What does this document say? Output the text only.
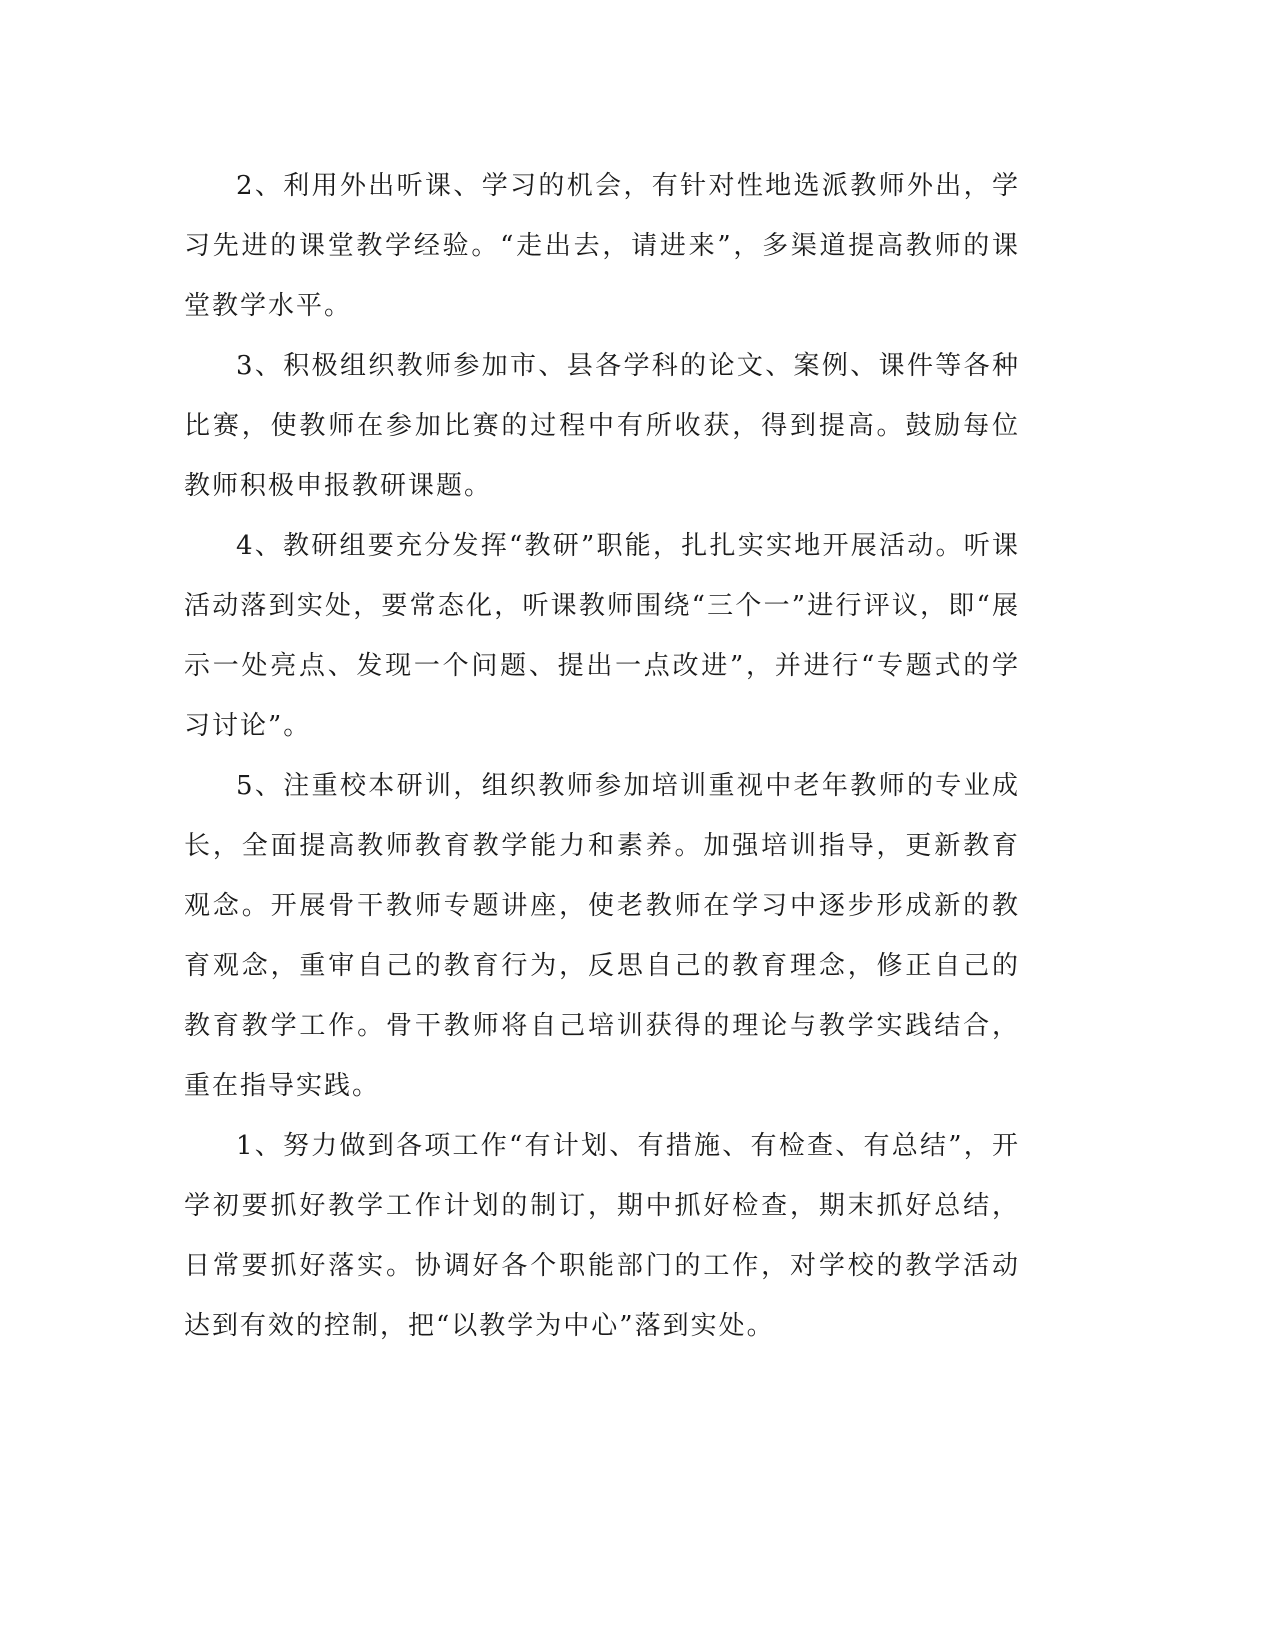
2、利用外出听课、学习的机会，有针对性地选派教师外出，学习先进的课堂教学经验。“走出去，请进来”，多渠道提高教师的课堂教学水平。

3、积极组织教师参加市、县各学科的论文、案例、课件等各种比赛，使教师在参加比赛的过程中有所收获，得到提高。鼓励每位教师积极申报教研课题。

4、教研组要充分发挥“教研”职能，扎扎实实地开展活动。听课活动落到实处，要常态化，听课教师围绕“三个一”进行评议，即“展示一处亮点、发现一个问题、提出一点改进”，并进行“专题式的学习讨论”。

5、注重校本研训，组织教师参加培训重视中老年教师的专业成长，全面提高教师教育教学能力和素养。加强培训指导，更新教育观念。开展骨干教师专题讲座，使老教师在学习中逐步形成新的教育观念，重审自己的教育行为，反思自己的教育理念，修正自己的教育教学工作。骨干教师将自己培训获得的理论与教学实践结合，重在指导实践。

1、努力做到各项工作“有计划、有措施、有检查、有总结”，开学初要抓好教学工作计划的制订，期中抓好检查，期末抓好总结，日常要抓好落实。协调好各个职能部门的工作，对学校的教学活动达到有效的控制，把“以教学为中心”落到实处。
